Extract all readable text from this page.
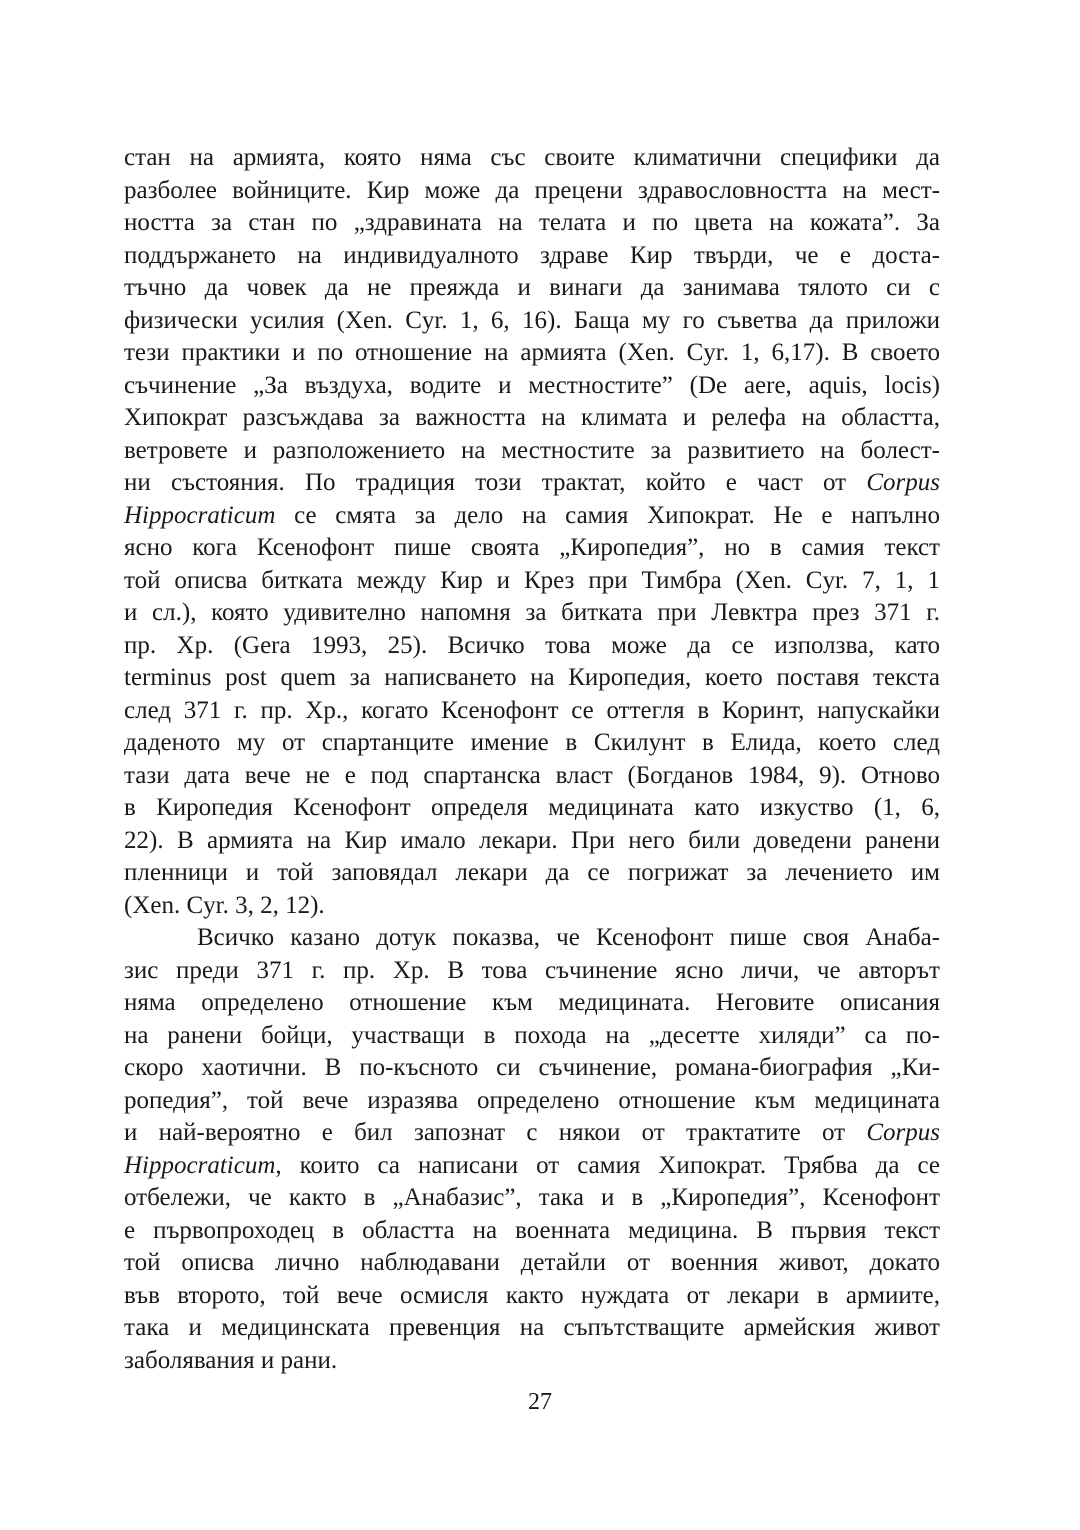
стан на армията, която няма със своите климатични специфики да
разболее войниците. Кир може да прецени здравословността на мест-
ността за стан по „здравината на телата и по цвета на кожата”. За
поддържането на индивидуалното здраве Кир твърди, че е доста-
тъчно да човек да не преяжда и винаги да занимава тялото си с
физически усилия (Xen. Cyr. 1, 6, 16). Баща му го съветва да приложи
тези практики и по отношение на армията (Xen. Cyr. 1, 6,17). В своето
съчинение „За въздуха, водите и местностите” (De aere, aquis, locis)
Хипократ разсъждава за важността на климата и релефа на областта,
ветровете и разположението на местностите за развитието на болест-
ни състояния. По традиция този трактат, който е част от Corpus
Hippocraticum се смята за дело на самия Хипократ. Не е напълно
ясно кога Ксенофонт пише своята „Киропедия”, но в самия текст
той описва битката между Кир и Крез при Тимбра (Xen. Cyr. 7, 1, 1
и сл.), която удивително напомня за битката при Левктра през 371 г.
пр. Хр. (Gera 1993, 25). Всичко това може да се използва, като
terminus post quem за написването на Киропедия, което поставя текста
след 371 г. пр. Хр., когато Ксенофонт се оттегля в Коринт, напускайки
даденото му от спартанците имение в Скилунт в Елида, което след
тази дата вече не е под спартанска власт (Богданов 1984, 9). Отново
в Киропедия Ксенофонт определя медицината като изкуство (1, 6,
22). В армията на Кир имало лекари. При него били доведени ранени
пленници и той заповядал лекари да се погрижат за лечението им
(Xen. Cyr. 3, 2, 12).
Всичко казано дотук показва, че Ксенофонт пише своя Анаба-
зис преди 371 г. пр. Хр. В това съчинение ясно личи, че авторът
няма определено отношение към медицината. Неговите описания
на ранени бойци, участващи в похода на „десетте хиляди” са по-
скоро хаотични. В по-късното си съчинение, романа-биография „Ки-
ропедия”, той вече изразява определено отношение към медицината
и най-вероятно е бил запознат с някои от трактатите от Corpus
Hippocraticum, които са написани от самия Хипократ. Трябва да се
отбележи, че както в „Анабазис”, така и в „Киропедия”, Ксенофонт
е първопроходец в областта на военната медицина. В първия текст
той описва лично наблюдавани детайли от военния живот, докато
във второто, той вече осмисля както нуждата от лекари в армиите,
така и медицинската превенция на съпътстващите армейския живот
заболявания и рани.
27
